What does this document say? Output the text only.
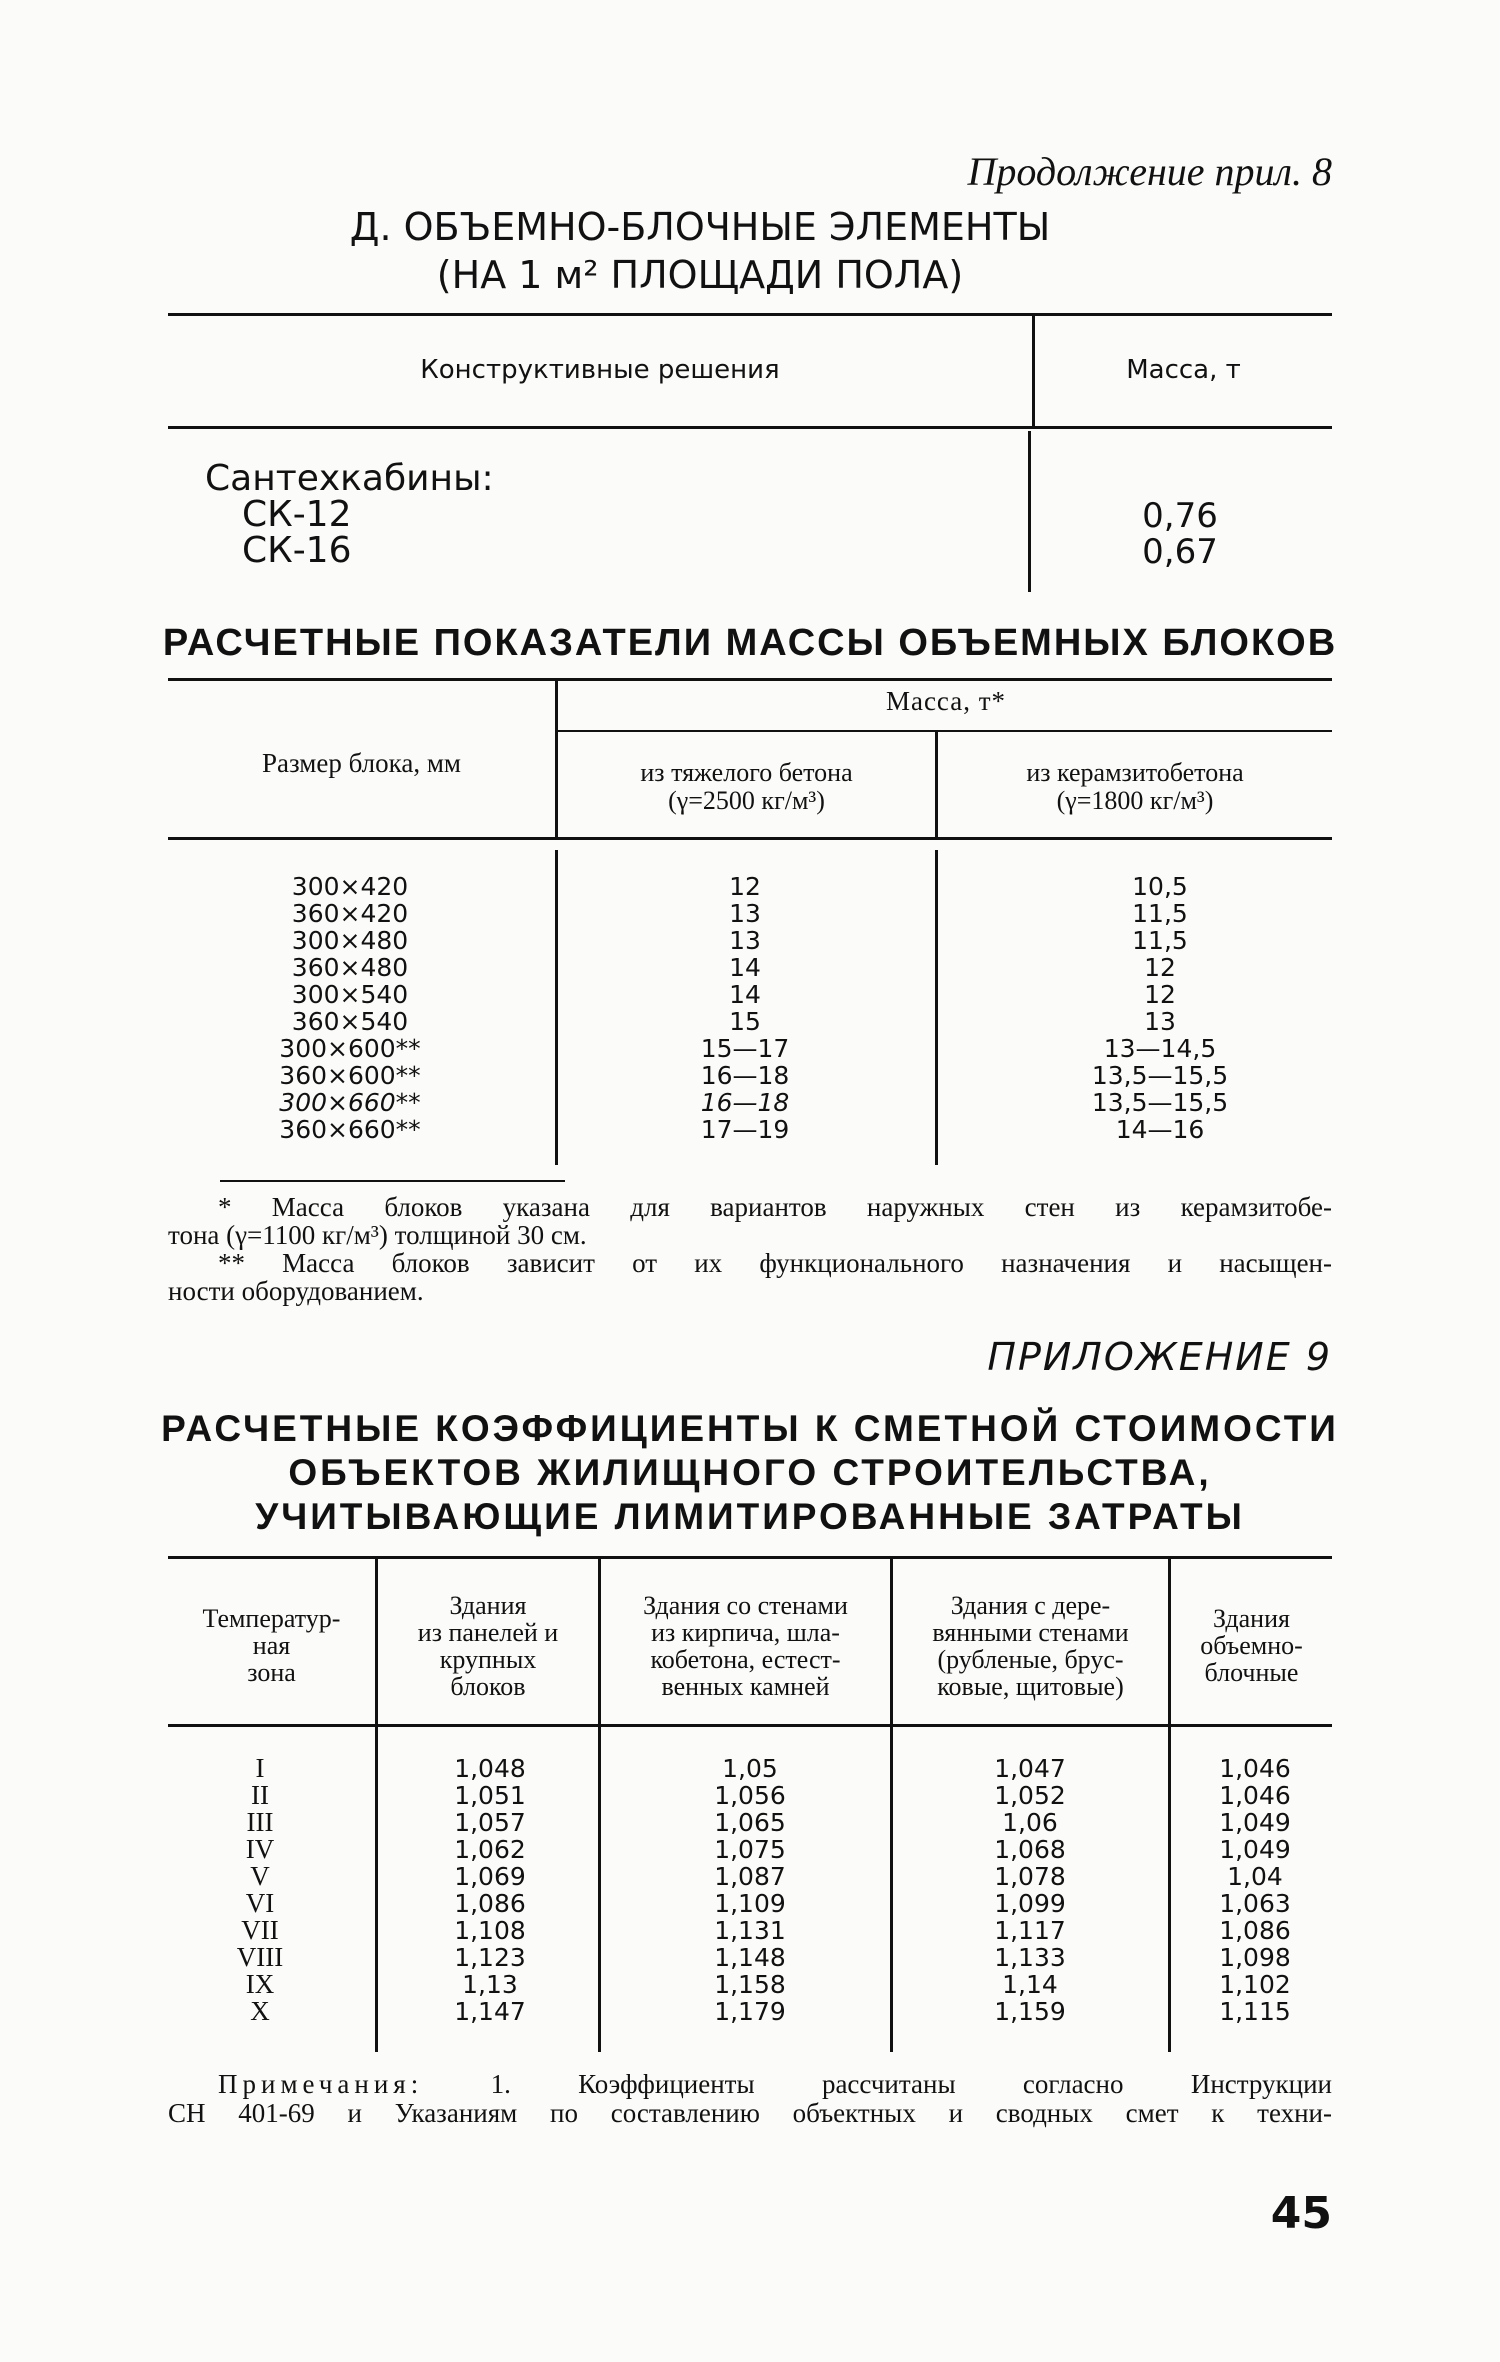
Продолжение прил. 8
Д. ОБЪЕМНО-БЛОЧНЫЕ ЭЛЕМЕНТЫ
(НА 1 м² ПЛОЩАДИ ПОЛА)
Конструктивные решения	Масса, т
Сантехкабины:
СК-12
СК-16
0,76
0,67
РАСЧЕТНЫЕ ПОКАЗАТЕЛИ МАССЫ ОБЪЕМНЫХ БЛОКОВ
Масса, т*
Размер блока, мм	из тяжелого бетона
(γ=2500 кг/м³)
из керамзитобетона
(γ=1800 кг/м³)
300×420
360×420
300×480
360×480
300×540
360×540
300×600**
360×600**
300×660**
360×660**
12
13
13
14
14
15
15—17
16—18
16—18
17—19
10,5
11,5
11,5
12
12
13
13—14,5
13,5—15,5
13,5—15,5
14—16
* Масса блоков указана для вариантов наружных стен из керамзитобе-
тона (γ=1100 кг/м³) толщиной 30 см.
** Масса блоков зависит от их функционального назначения и насыщен-
ности оборудованием.
ПРИЛОЖЕНИЕ 9
РАСЧЕТНЫЕ КОЭФФИЦИЕНТЫ К СМЕТНОЙ СТОИМОСТИ
ОБЪЕКТОВ ЖИЛИЩНОГО СТРОИТЕЛЬСТВА,
УЧИТЫВАЮЩИЕ ЛИМИТИРОВАННЫЕ ЗАТРАТЫ
Температур-
ная
зона
Здания
из панелей и
крупных
блоков
Здания со стенами
из кирпича, шла-
кобетона, естест-
венных камней
Здания с дере-
вянными стенами
(рубленые, брус-
ковые, щитовые)
Здания
объемно-
блочные
I
II
III
IV
V
VI
VII
VIII
IX
X
1,048
1,051
1,057
1,062
1,069
1,086
1,108
1,123
1,13
1,147
1,05
1,056
1,065
1,075
1,087
1,109
1,131
1,148
1,158
1,179
1,047
1,052
1,06
1,068
1,078
1,099
1,117
1,133
1,14
1,159
1,046
1,046
1,049
1,049
1,04
1,063
1,086
1,098
1,102
1,115
Примечания: 1. Коэффициенты рассчитаны согласно Инструкции
СН 401-69 и Указаниям по составлению объектных и сводных смет к техни-
45
